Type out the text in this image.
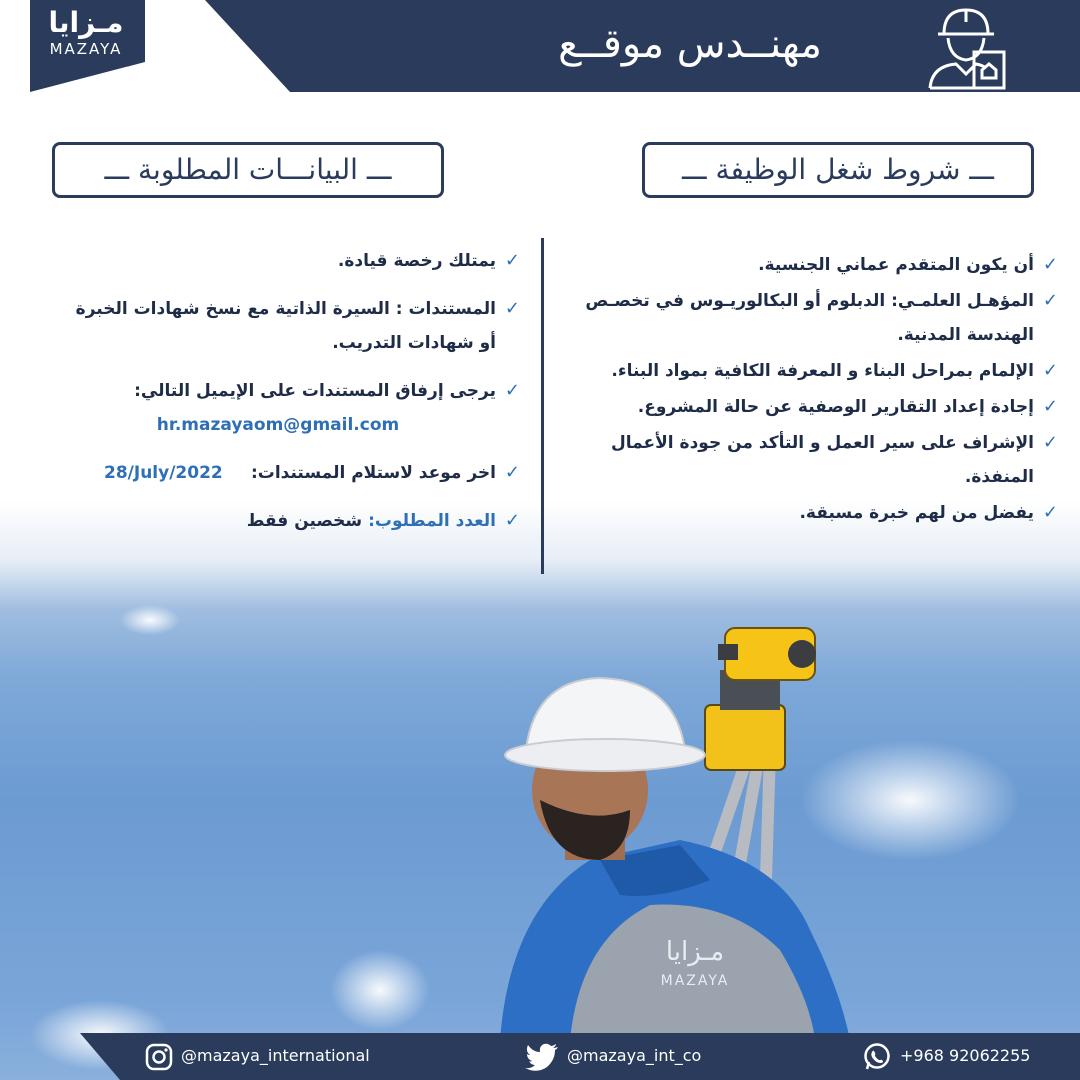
مـزايا
MAZAYA	مهنــدس موقــع
ـــ شروط شغل الوظيفة ـــ
ـــ البيانـــات المطلوبة ـــ
✓
أن يكون المتقدم عماني الجنسية.
✓
المؤهـل العلمـي: الدبلوم أو البكالوريـوس في تخصـص الهندسة المدنية.
✓
الإلمام بمراحل البناء و المعرفة الكافية بمواد البناء.
✓
إجادة إعداد التقارير الوصفية عن حالة المشروع.
✓
الإشراف على سير العمل و التأكد من جودة الأعمال المنفذة.
✓
يفضل من لهم خبرة مسبقة.
✓
يمتلك رخصة قيادة.
✓
المستندات : السيرة الذاتية مع نسخ شهادات الخبرة أو شهادات التدريب.
✓
يرجى إرفاق المستندات على الإيميل التالي:
hr.mazayaom@gmail.com
✓
اخر موعد لاستلام المستندات:
28/July/2022
✓
العدد المطلوب: شخصين فقط
مـزايا
MAZAYA
@mazaya_international	@mazaya_int_co	+968 92062255
